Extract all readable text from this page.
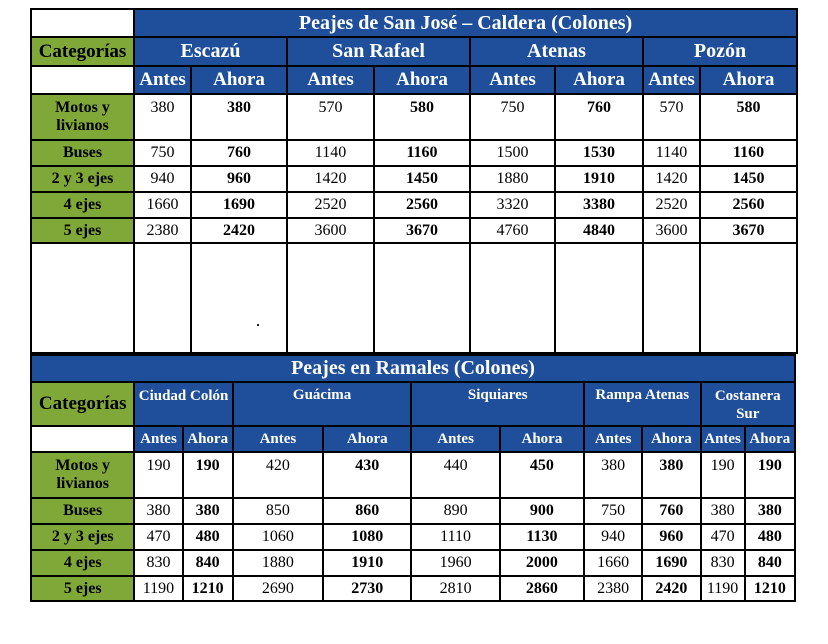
	Peajes de San José – Caldera (Colones)							
Categorías	Escazú		San Rafael		Atenas		Pozón	
	Antes	Ahora	Antes	Ahora	Antes	Ahora	Antes	Ahora
Motos y livianos	380	380	570	580	750	760	570	580
Buses	750	760	1140	1160	1500	1530	1140	1160
2 y 3 ejes	940	960	1420	1450	1880	1910	1420	1450
4 ejes	1660	1690	2520	2560	3320	3380	2520	2560
5 ejes	2380	2420	3600	3670	4760	4840	3600	3670

Peajes en Ramales (Colones)										
Categorías	Ciudad Colón		Guácima		Siquiares		Rampa Atenas		Costanera Sur	
	Antes	Ahora	Antes	Ahora	Antes	Ahora	Antes	Ahora	Antes	Ahora
Motos y livianos	190	190	420	430	440	450	380	380	190	190
Buses	380	380	850	860	890	900	750	760	380	380
2 y 3 ejes	470	480	1060	1080	1110	1130	940	960	470	480
4 ejes	830	840	1880	1910	1960	2000	1660	1690	830	840
5 ejes	1190	1210	2690	2730	2810	2860	2380	2420	1190	1210
